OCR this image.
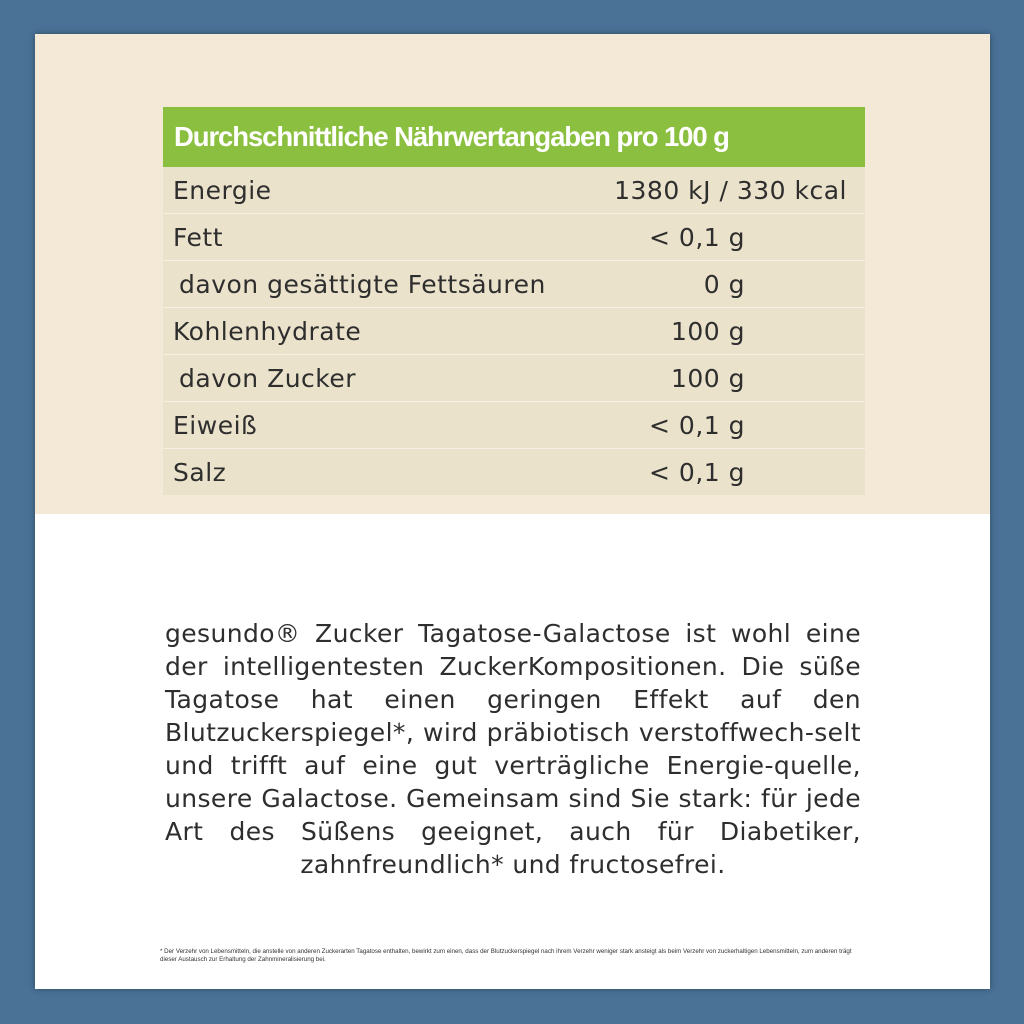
Durchschnittliche Nährwertangaben pro 100 g
Energie	1380 kJ / 330 kcal
Fett	< 0,1 g
davon gesättigte Fettsäuren	0 g
Kohlenhydrate	100 g
davon Zucker	100 g
Eiweiß	< 0,1 g
Salz	< 0,1 g

gesundo® Zucker Tagatose-Galactose ist wohl eine der intelligentesten ZuckerKompositionen. Die süße Tagatose hat einen geringen Effekt auf den Blutzuckerspiegel*, wird präbiotisch verstoffwech-selt und trifft auf eine gut verträgliche Energie-quelle, unsere Galactose. Gemeinsam sind Sie stark: für jede Art des Süßens geeignet, auch für Diabetiker, zahnfreundlich* und fructosefrei.

* Der Verzehr von Lebensmitteln, die anstelle von anderen Zuckerarten Tagatose enthalten, bewirkt zum einen, dass der Blutzuckerspiegel nach ihrem Verzehr weniger stark ansteigt als beim Verzehr von zuckerhaltigen Lebensmitteln, zum anderen trägt dieser Austausch zur Erhaltung der Zahnmineralisierung bei.
